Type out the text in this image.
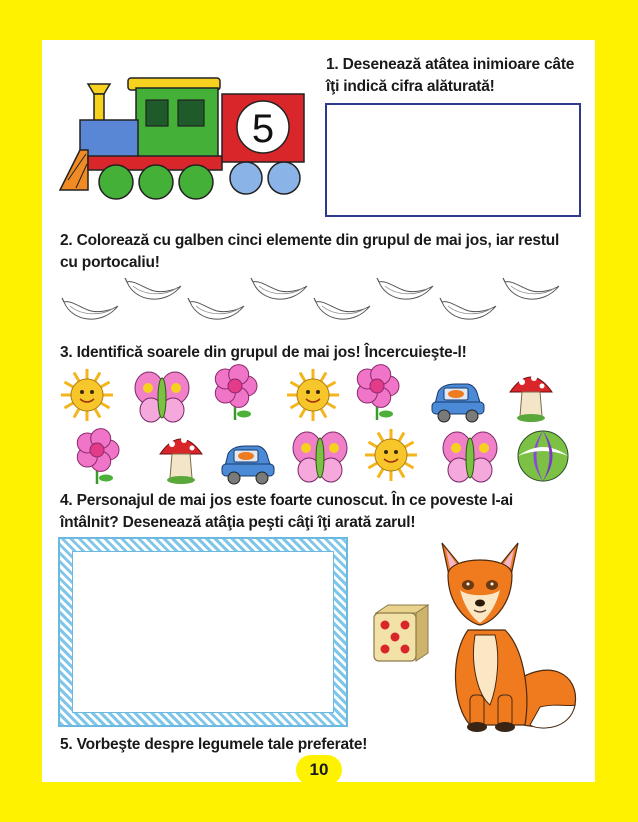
5

1. Desenează atâtea inimioare câte îţi indică cifra alăturată!

2. Colorează cu galben cinci elemente din grupul de mai jos, iar restul cu portocaliu!

3. Identifică soarele din grupul de mai jos! Încercuieşte-l!

4. Personajul de mai jos este foarte cunoscut. În ce poveste l-ai întâlnit? Desenează atâţia peşti câţi îţi arată zarul!

5. Vorbeşte despre legumele tale preferate!

10
